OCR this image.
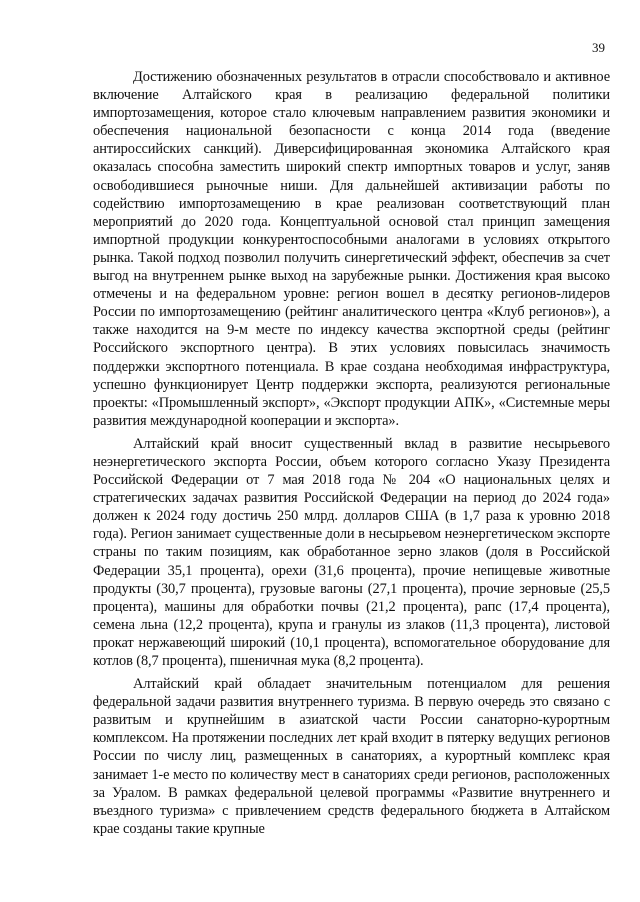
39

Достижению обозначенных результатов в отрасли способствовало и активное включение Алтайского края в реализацию федеральной политики импортозамещения, которое стало ключевым направлением развития экономики и обеспечения национальной безопасности с конца 2014 года (введение антироссийских санкций). Диверсифицированная экономика Алтайского края оказалась способна заместить широкий спектр импортных товаров и услуг, заняв освободившиеся рыночные ниши. Для дальнейшей активизации работы по содействию импортозамещению в крае реализован соответствующий план мероприятий до 2020 года. Концептуальной основой стал принцип замещения импортной продукции конкурентоспособными аналогами в условиях открытого рынка. Такой подход позволил получить синергетический эффект, обеспечив за счет выгод на внутреннем рынке выход на зарубежные рынки. Достижения края высоко отмечены и на федеральном уровне: регион вошел в десятку регионов-лидеров России по импортозамещению (рейтинг аналитического центра «Клуб регионов»), а также находится на 9-м месте по индексу качества экспортной среды (рейтинг Российского экспортного центра). В этих условиях повысилась значимость поддержки экспортного потенциала. В крае создана необходимая инфраструктура, успешно функционирует Центр поддержки экспорта, реализуются региональные проекты: «Промышленный экспорт», «Экспорт продукции АПК», «Системные меры развития международной кооперации и экспорта».

Алтайский край вносит существенный вклад в развитие несырьевого неэнергетического экспорта России, объем которого согласно Указу Президента Российской Федерации от 7 мая 2018 года № 204 «О национальных целях и стратегических задачах развития Российской Федерации на период до 2024 года» должен к 2024 году достичь 250 млрд. долларов США (в 1,7 раза к уровню 2018 года). Регион занимает существенные доли в несырьевом неэнергетическом экспорте страны по таким позициям, как обработанное зерно злаков (доля в Российской Федерации 35,1 процента), орехи (31,6 процента), прочие непищевые животные продукты (30,7 процента), грузовые вагоны (27,1 процента), прочие зерновые (25,5 процента), машины для обработки почвы (21,2 процента), рапс (17,4 процента), семена льна (12,2 процента), крупа и гранулы из злаков (11,3 процента), листовой прокат нержавеющий широкий (10,1 процента), вспомогательное оборудование для котлов (8,7 процента), пшеничная мука (8,2 процента).

Алтайский край обладает значительным потенциалом для решения федеральной задачи развития внутреннего туризма. В первую очередь это связано с развитым и крупнейшим в азиатской части России санаторно-курортным комплексом. На протяжении последних лет край входит в пятерку ведущих регионов России по числу лиц, размещенных в санаториях, а курортный комплекс края занимает 1-е место по количеству мест в санаториях среди регионов, расположенных за Уралом. В рамках федеральной целевой программы «Развитие внутреннего и въездного туризма» с привлечением средств федерального бюджета в Алтайском крае созданы такие крупные
